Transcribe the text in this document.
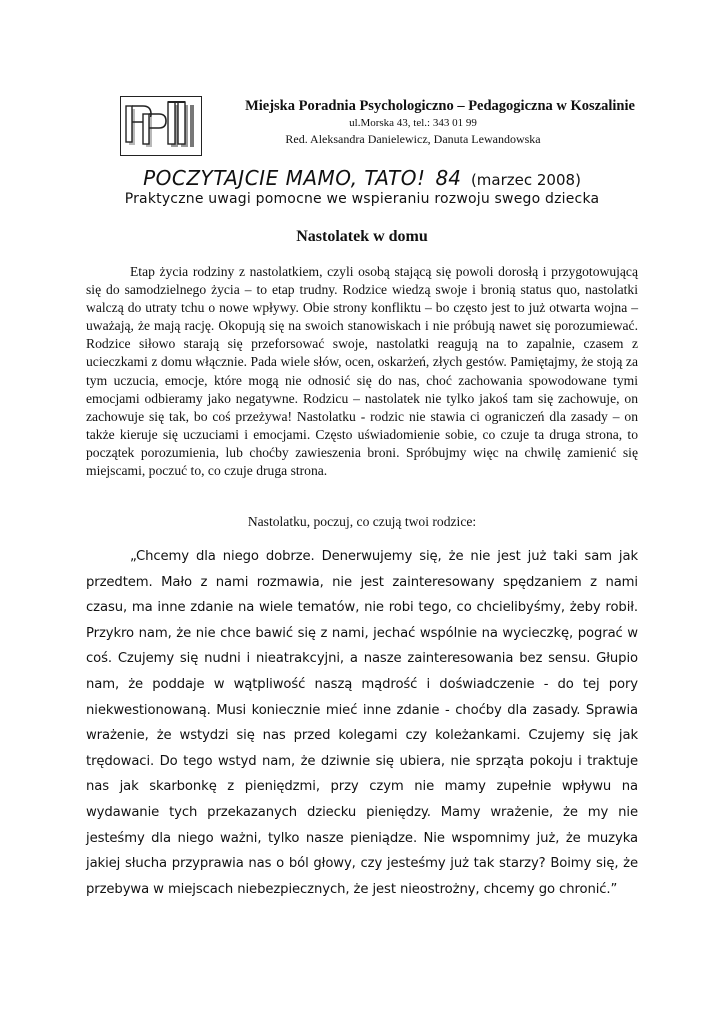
Miejska Poradnia Psychologiczno – Pedagogiczna w Koszalinie
ul.Morska 43, tel.: 343 01 99
Red. Aleksandra Danielewicz, Danuta Lewandowska
POCZYTAJCIE MAMO, TATO! 84 (marzec 2008)
Praktyczne uwagi pomocne we wspieraniu rozwoju swego dziecka
Nastolatek w domu

Etap życia rodziny z nastolatkiem, czyli osobą stającą się powoli dorosłą i przygotowującą się do samodzielnego życia – to etap trudny. Rodzice wiedzą swoje i bronią status quo, nastolatki walczą do utraty tchu o nowe wpływy. Obie strony konfliktu – bo często jest to już otwarta wojna – uważają, że mają rację. Okopują się na swoich stanowiskach i nie próbują nawet się porozumiewać. Rodzice siłowo starają się przeforsować swoje, nastolatki reagują na to zapalnie, czasem z ucieczkami z domu włącznie. Pada wiele słów, ocen, oskarżeń, złych gestów. Pamiętajmy, że stoją za tym uczucia, emocje, które mogą nie odnosić się do nas, choć zachowania spowodowane tymi emocjami odbieramy jako negatywne. Rodzicu – nastolatek nie tylko jakoś tam się zachowuje, on zachowuje się tak, bo coś przeżywa! Nastolatku - rodzic nie stawia ci ograniczeń dla zasady – on także kieruje się uczuciami i emocjami. Często uświadomienie sobie, co czuje ta druga strona, to początek porozumienia, lub choćby zawieszenia broni. Spróbujmy więc na chwilę zamienić się miejscami, poczuć to, co czuje druga strona.

Nastolatku, poczuj, co czują twoi rodzice:

„Chcemy dla niego dobrze. Denerwujemy się, że nie jest już taki sam jak przedtem. Mało z nami rozmawia, nie jest zainteresowany spędzaniem z nami czasu, ma inne zdanie na wiele tematów, nie robi tego, co chcielibyśmy, żeby robił. Przykro nam, że nie chce bawić się z nami, jechać wspólnie na wycieczkę, pograć w coś. Czujemy się nudni i nieatrakcyjni, a nasze zainteresowania bez sensu. Głupio nam, że poddaje w wątpliwość naszą mądrość i doświadczenie - do tej pory niekwestionowaną. Musi koniecznie mieć inne zdanie - choćby dla zasady. Sprawia wrażenie, że wstydzi się nas przed kolegami czy koleżankami. Czujemy się jak trędowaci. Do tego wstyd nam, że dziwnie się ubiera, nie sprząta pokoju i traktuje nas jak skarbonkę z pieniędzmi, przy czym nie mamy zupełnie wpływu na wydawanie tych przekazanych dziecku pieniędzy. Mamy wrażenie, że my nie jesteśmy dla niego ważni, tylko nasze pieniądze. Nie wspomnimy już, że muzyka jakiej słucha przyprawia nas o ból głowy, czy jesteśmy już tak starzy? Boimy się, że przebywa w miejscach niebezpiecznych, że jest nieostrożny, chcemy go chronić.”
